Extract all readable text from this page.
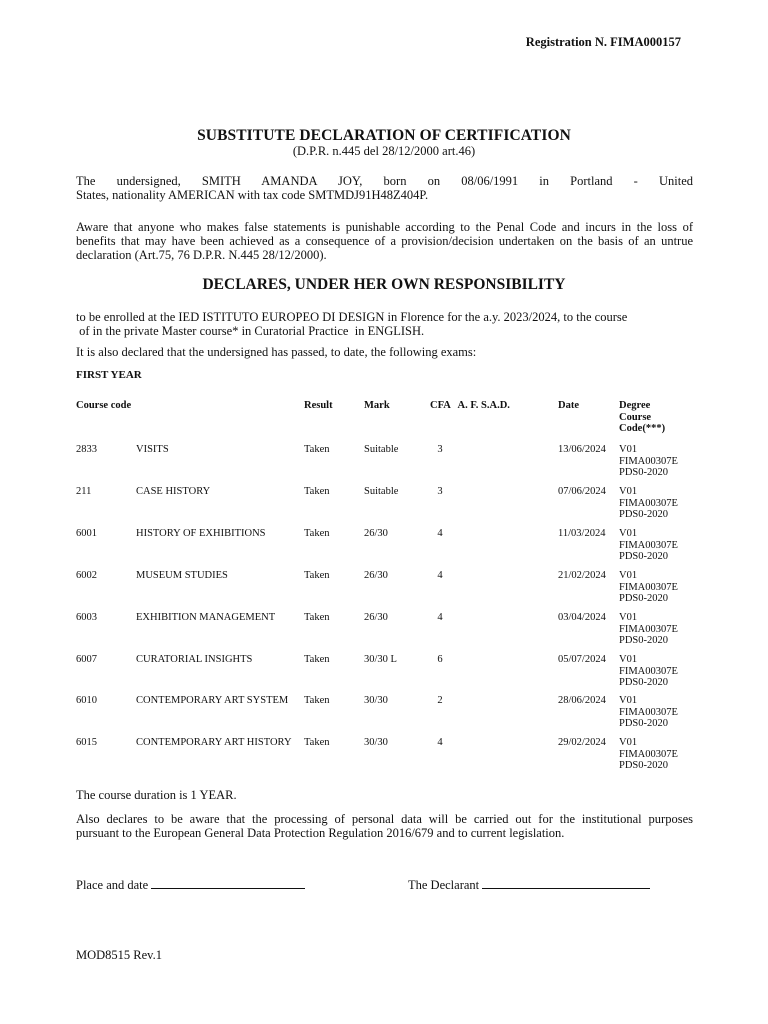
Registration N. FIMA000157
SUBSTITUTE DECLARATION OF CERTIFICATION
(D.P.R. n.445 del 28/12/2000 art.46)
The undersigned, SMITH AMANDA JOY, born on 08/06/1991 in Portland - United
States, nationality AMERICAN with tax code SMTMDJ91H48Z404P.
Aware that anyone who makes false statements is punishable according to the Penal Code and incurs in the loss of
benefits that may have been achieved as a consequence of a provision/decision undertaken on the basis of an untrue
declaration (Art.75, 76 D.P.R. N.445 28/12/2000).
DECLARES, UNDER HER OWN RESPONSIBILITY
to be enrolled at the IED ISTITUTO EUROPEO DI DESIGN in Florence for the a.y. 2023/2024, to the course
of in the private Master course* in Curatorial Practice  in ENGLISH.
It is also declared that the undersigned has passed, to date, the following exams:
FIRST YEAR
Course code	Result	Mark	CFA   A. F. S.A.D.	Date	Degree
Course
Code(***)
2833	VISITS	Taken	Suitable	3	13/06/2024 V01
FIMA00307E
PDS0-2020
211	CASE HISTORY	Taken	Suitable	3	07/06/2024 V01
FIMA00307E
PDS0-2020
6001	HISTORY OF EXHIBITIONS	Taken	26/30	4	11/03/2024 V01
FIMA00307E
PDS0-2020
6002	MUSEUM STUDIES	Taken	26/30	4	21/02/2024 V01
FIMA00307E
PDS0-2020
6003	EXHIBITION MANAGEMENT	Taken	26/30	4	03/04/2024 V01
FIMA00307E
PDS0-2020
6007	CURATORIAL INSIGHTS	Taken	30/30 L	6	05/07/2024 V01
FIMA00307E
PDS0-2020
6010	CONTEMPORARY ART SYSTEM Taken	30/30	2	28/06/2024 V01
FIMA00307E
PDS0-2020
6015	CONTEMPORARY ART HISTORY Taken	30/30	4	29/02/2024 V01
FIMA00307E
PDS0-2020
The course duration is 1 YEAR.
Also declares to be aware that the processing of personal data will be carried out for the institutional purposes
pursuant to the European General Data Protection Regulation 2016/679 and to current legislation.
Place and date	The Declarant
MOD8515 Rev.1
